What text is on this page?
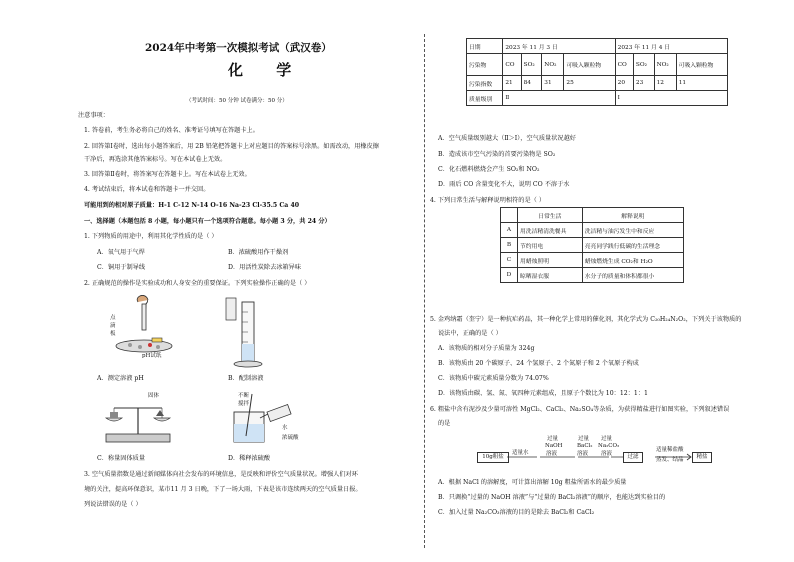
2024年中考第一次模拟考试（武汉卷）
化 学
（考试时间：50 分钟 试卷满分：50 分）
注意事项：
1. 答卷前，考生务必将自己的姓名、准考证号填写在答题卡上。
2. 回答第Ⅰ卷时，选出每小题答案后，用 2B 铅笔把答题卡上对应题目的答案标号涂黑。如需改动，用橡皮擦
干净后，再选涂其他答案标号。写在本试卷上无效。
3. 回答第Ⅱ卷时，将答案写在答题卡上。写在本试卷上无效。
4. 考试结束后，将本试卷和答题卡一并交回。
可能用到的相对原子质量：H-1 C-12 N-14 O-16 Na-23 Cl-35.5 Ca 40
一、选择题（本题包括 8 小题，每小题只有一个选项符合题意。每小题 3 分，共 24 分）
1. 下列物质的用途中，利用其化学性质的是（ ）
A．氧气用于气焊	B．浓硫酸用作干燥剂
C．铜用于制导线	D．用活性炭除去冰箱异味
2. 正确规范的操作是实验成功和人身安全的重要保证。下列实验操作正确的是（ ）
点
滴
板
pH试纸
A．测定溶液 pH	B．配制溶液
固体	不断
搅拌
水
浓硫酸
C．称量固体质量	D．稀释浓硫酸
3. 空气质量指数是通过新闻媒体向社会发布的环境信息，是反映和评价空气质量状况。增强人们对环
境的关注，提高环保意识，某市11 月 3 日晚，下了一场大雨，下表是该市连续两天的空气质量日报。
列说法错误的是（ ）
日期	2023 年 11 月 3 日				2023 年 11 月 4 日			
污染物	CO	SO₂	NO₂	可吸入颗粒物	CO	SO₂	NO₂	可吸入颗粒物
污染指数	21	84	31	25	20	23	12	11
质量级别	Ⅱ				Ⅰ			
A．空气质量级别越大（Ⅱ＞Ⅰ），空气质量状况越好
B．造成该市空气污染的首要污染物是 SO₂
C．化石燃料燃烧会产生 SO₂和 NO₂
D．雨后 CO 含量变化不大，说明 CO 不溶于水
4. 下列日常生活与解释说明相符的是（ ）
	日常生活	解释说明
A	用洗洁精清洗餐具	洗洁精与油污发生中和反应
B	节约用电	亮亮同学践行低碳的生活理念
C	用蜡烛照明	蜡烛燃烧生成 CO₂和 H₂O
D	晾晒湿衣服	水分子的质量和体积都很小
5. 金鸡纳霜（奎宁）是一种抗疟药品，其一种化学上常用的催化剂，其化学式为 C₂₀H₂₄N₂O₂，下列关于该物质的
说法中，正确的是（ ）
A．该物质的相对分子质量为 324g
B．该物质由 20 个碳原子、24 个氢原子、2 个氮原子和 2 个氧原子构成
C．该物质中碳元素质量分数为 74.07%
D．该物质由碳、氢、氮、氧四种元素组成，且原子个数比为 10：12：1：1
6. 粗盐中含有泥沙及少量可溶性 MgCl₂、CaCl₂、Na₂SO₄等杂质，为获得精盐进行如图实验，下列叙述错误
的是
10g粗盐
适量水
过量
NaOH
溶液
过量
BaCl₂
溶液
过量
Na₂CO₃
溶液	过滤
适量稀盐酸
蒸发、结晶	精盐
A．根据 NaCl 的溶解度，可计算出溶解 10g 粗盐所需水的最少质量
B．只调换“过量的 NaOH 溶液”与“过量的 BaCl₂溶液”的顺序，也能达到实验目的
C．加入过量 Na₂CO₃溶液的目的是除去 BaCl₂和 CaCl₂
